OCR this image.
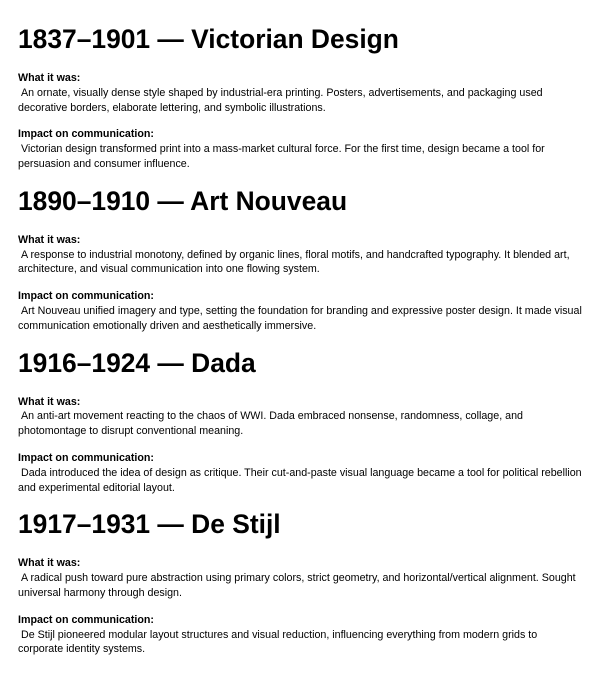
1837–1901 — Victorian Design

What it was:
An ornate, visually dense style shaped by industrial-era printing. Posters, advertisements, and packaging used decorative borders, elaborate lettering, and symbolic illustrations.

Impact on communication:
Victorian design transformed print into a mass-market cultural force. For the first time, design became a tool for persuasion and consumer influence.

1890–1910 — Art Nouveau

What it was:
A response to industrial monotony, defined by organic lines, floral motifs, and handcrafted typography. It blended art, architecture, and visual communication into one flowing system.

Impact on communication:
Art Nouveau unified imagery and type, setting the foundation for branding and expressive poster design. It made visual communication emotionally driven and aesthetically immersive.

1916–1924 — Dada

What it was:
An anti-art movement reacting to the chaos of WWI. Dada embraced nonsense, randomness, collage, and photomontage to disrupt conventional meaning.

Impact on communication:
Dada introduced the idea of design as critique. Their cut-and-paste visual language became a tool for political rebellion and experimental editorial layout.

1917–1931 — De Stijl

What it was:
A radical push toward pure abstraction using primary colors, strict geometry, and horizontal/vertical alignment. Sought universal harmony through design.

Impact on communication:
De Stijl pioneered modular layout structures and visual reduction, influencing everything from modern grids to corporate identity systems.
